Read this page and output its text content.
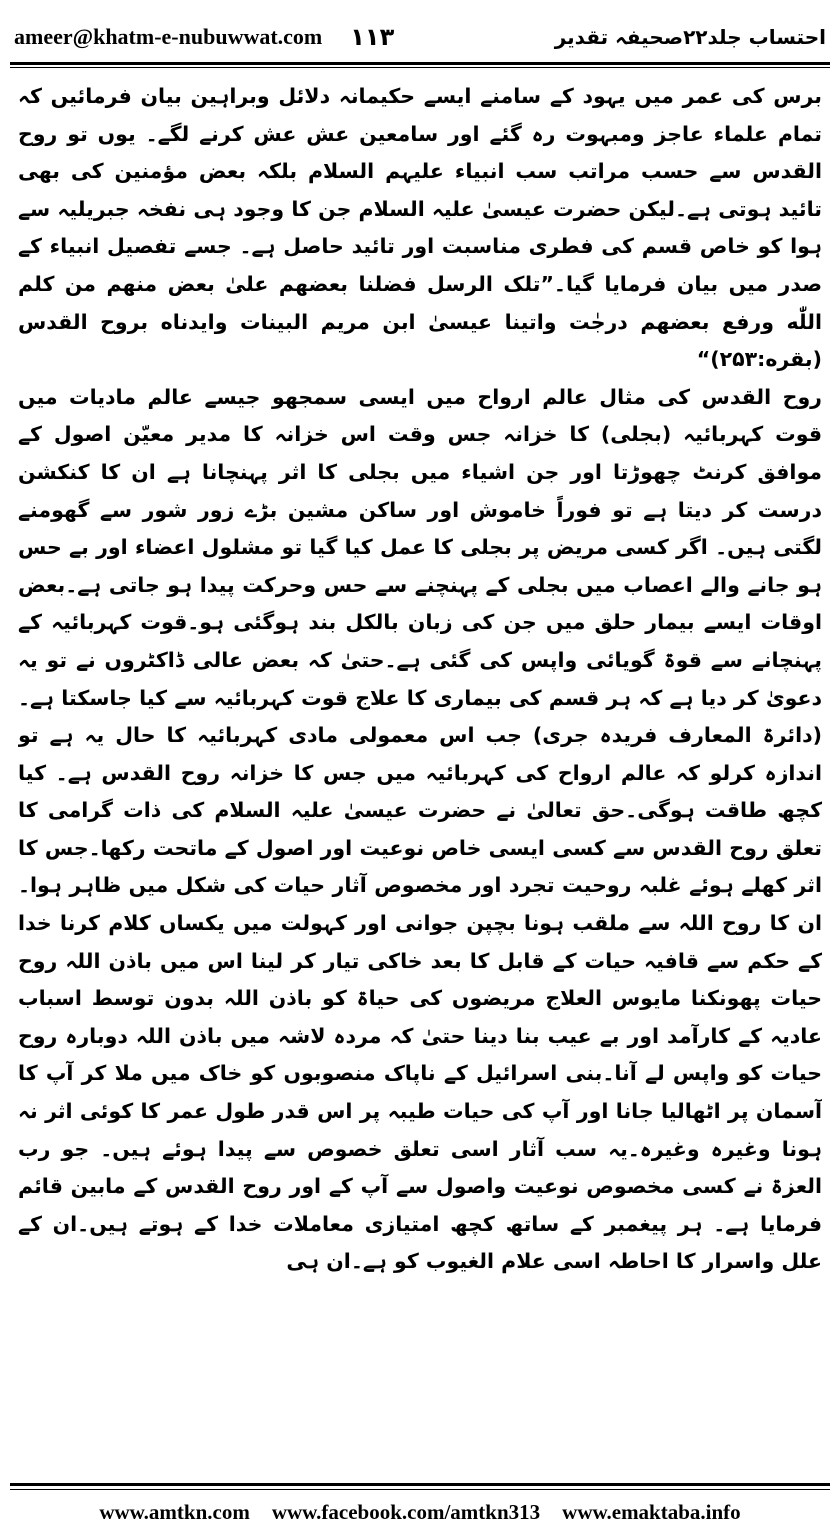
ameer@khatm-e-nubuwwat.com ۱۱۳	احتساب جلد۲۲صحیفہ تقدیر

برس کی عمر میں یہود کے سامنے ایسے حکیمانہ دلائل وبراہین بیان فرمائیں کہ تمام علماء عاجز ومبہوت رہ گئے اور سامعین عش عش کرنے لگے۔ یوں تو روح القدس سے حسب مراتب سب انبیاء علیہم السلام بلکہ بعض مؤمنین کی بھی تائید ہوتی ہے۔لیکن حضرت عیسیٰ علیہ السلام جن کا وجود ہی نفخہ جبریلیہ سے ہوا کو خاص قسم کی فطری مناسبت اور تائید حاصل ہے۔ جسے تفصیل انبیاء کے صدر میں بیان فرمایا گیا۔”تلک الرسل فضلنا بعضهم علیٰ بعض منهم من کلم اللّٰه ورفع بعضهم درجٰت واتینا عیسیٰ ابن مریم البینات وایدناه بروح القدس (بقره:۲۵۳)“

روح القدس کی مثال عالم ارواح میں ایسی سمجھو جیسے عالم مادیات میں قوت کہربائیہ (بجلی) کا خزانہ جس وقت اس خزانہ کا مدیر معیّن اصول کے موافق کرنٹ چھوڑتا اور جن اشیاء میں بجلی کا اثر پہنچانا ہے ان کا کنکشن درست کر دیتا ہے تو فوراً خاموش اور ساکن مشین بڑے زور شور سے گھومنے لگتی ہیں۔ اگر کسی مریض پر بجلی کا عمل کیا گیا تو مشلول اعضاء اور بے حس ہو جانے والے اعصاب میں بجلی کے پہنچنے سے حس وحرکت پیدا ہو جاتی ہے۔بعض اوقات ایسے بیمار حلق میں جن کی زبان بالکل بند ہوگئی ہو۔قوت کہربائیہ کے پہنچانے سے قوۃ گویائی واپس کی گئی ہے۔حتیٰ کہ بعض عالی ڈاکٹروں نے تو یہ دعویٰ کر دیا ہے کہ ہر قسم کی بیماری کا علاج قوت کہربائیہ سے کیا جاسکتا ہے۔(دائرۃ المعارف فریدہ جری) جب اس معمولی مادی کہربائیہ کا حال یہ ہے تو اندازہ کرلو کہ عالم ارواح کی کہربائیہ میں جس کا خزانہ روح القدس ہے۔ کیا کچھ طاقت ہوگی۔حق تعالیٰ نے حضرت عیسیٰ علیہ السلام کی ذات گرامی کا تعلق روح القدس سے کسی ایسی خاص نوعیت اور اصول کے ماتحت رکھا۔جس کا اثر کھلے ہوئے غلبہ روحیت تجرد اور مخصوص آثار حیات کی شکل میں ظاہر ہوا۔ان کا روح اللہ سے ملقب ہونا بچپن جوانی اور کہولت میں یکساں کلام کرنا خدا کے حکم سے قافیہ حیات کے قابل کا بعد خاکی تیار کر لینا اس میں باذن اللہ روح حیات پھونکنا مایوس العلاج مریضوں کی حیاۃ کو باذن اللہ بدون توسط اسباب عادیہ کے کارآمد اور بے عیب بنا دینا حتیٰ کہ مردہ لاشہ میں باذن اللہ دوبارہ روح حیات کو واپس لے آنا۔بنی اسرائیل کے ناپاک منصوبوں کو خاک میں ملا کر آپ کا آسمان پر اٹھالیا جانا اور آپ کی حیات طیبہ پر اس قدر طول عمر کا کوئی اثر نہ ہونا وغیرہ وغیرہ۔یہ سب آثار اسی تعلق خصوص سے پیدا ہوئے ہیں۔ جو رب العزۃ نے کسی مخصوص نوعیت واصول سے آپ کے اور روح القدس کے مابین قائم فرمایا ہے۔ ہر پیغمبر کے ساتھ کچھ امتیازی معاملات خدا کے ہوتے ہیں۔ان کے علل واسرار کا احاطہ اسی علام الغیوب کو ہے۔ان ہی

www.amtkn.com www.facebook.com/amtkn313 www.emaktaba.info
